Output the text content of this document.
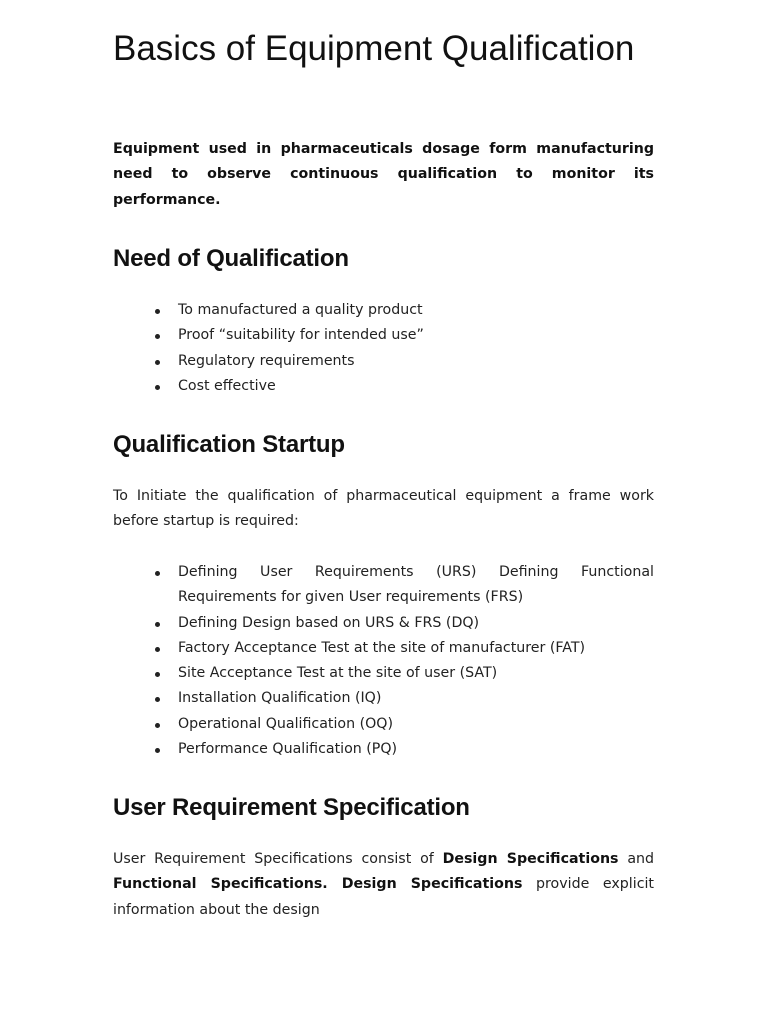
Basics of Equipment Qualification

Equipment used in pharmaceuticals dosage form manufacturing need to observe continuous qualification to monitor its performance.

Need of Qualification
To manufactured a quality product
Proof “suitability for intended use”
Regulatory requirements
Cost effective
Qualification Startup

To Initiate the qualification of pharmaceutical equipment a frame work before startup is required:

Defining User Requirements (URS) Defining Functional Requirements for given User requirements (FRS)
Defining Design based on URS & FRS (DQ)
Factory Acceptance Test at the site of manufacturer (FAT)
Site Acceptance Test at the site of user (SAT)
Installation Qualification (IQ)
Operational Qualification (OQ)
Performance Qualification (PQ)
User Requirement Specification

User Requirement Specifications consist of Design Specifications and Functional Specifications. Design Specifications provide explicit information about the design
